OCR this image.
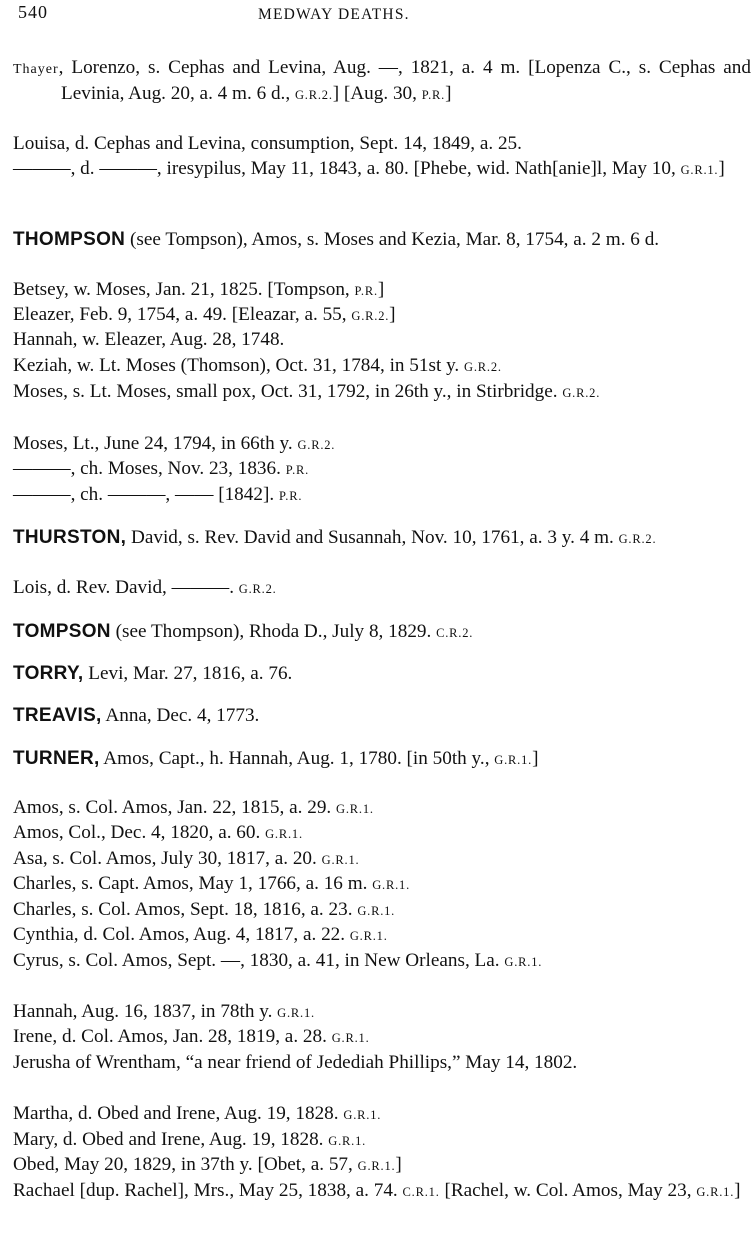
540	MEDWAY DEATHS.
Thayer, Lorenzo, s. Cephas and Levina, Aug. —, 1821, a. 4 m. [Lopenza C., s. Cephas and Levinia, Aug. 20, a. 4 m. 6 d., G.R.2.] [Aug. 30, P.R.]
Louisa, d. Cephas and Levina, consumption, Sept. 14, 1849, a. 25.
———, d. ———, iresypilus, May 11, 1843, a. 80. [Phebe, wid. Nath[anie]l, May 10, G.R.1.]
THOMPSON (see Tompson), Amos, s. Moses and Kezia, Mar. 8, 1754, a. 2 m. 6 d.
Betsey, w. Moses, Jan. 21, 1825. [Tompson, P.R.]
Eleazer, Feb. 9, 1754, a. 49. [Eleazar, a. 55, G.R.2.]
Hannah, w. Eleazer, Aug. 28, 1748.
Keziah, w. Lt. Moses (Thomson), Oct. 31, 1784, in 51st y. G.R.2.
Moses, s. Lt. Moses, small pox, Oct. 31, 1792, in 26th y., in Stirbridge. G.R.2.
Moses, Lt., June 24, 1794, in 66th y. G.R.2.
———, ch. Moses, Nov. 23, 1836. P.R.
———, ch. ———, —— [1842]. P.R.
THURSTON, David, s. Rev. David and Susannah, Nov. 10, 1761, a. 3 y. 4 m. G.R.2.
Lois, d. Rev. David, ———. G.R.2.
TOMPSON (see Thompson), Rhoda D., July 8, 1829. C.R.2.
TORRY, Levi, Mar. 27, 1816, a. 76.
TREAVIS, Anna, Dec. 4, 1773.
TURNER, Amos, Capt., h. Hannah, Aug. 1, 1780. [in 50th y., G.R.1.]
Amos, s. Col. Amos, Jan. 22, 1815, a. 29. G.R.1.
Amos, Col., Dec. 4, 1820, a. 60. G.R.1.
Asa, s. Col. Amos, July 30, 1817, a. 20. G.R.1.
Charles, s. Capt. Amos, May 1, 1766, a. 16 m. G.R.1.
Charles, s. Col. Amos, Sept. 18, 1816, a. 23. G.R.1.
Cynthia, d. Col. Amos, Aug. 4, 1817, a. 22. G.R.1.
Cyrus, s. Col. Amos, Sept. —, 1830, a. 41, in New Orleans, La. G.R.1.
Hannah, Aug. 16, 1837, in 78th y. G.R.1.
Irene, d. Col. Amos, Jan. 28, 1819, a. 28. G.R.1.
Jerusha of Wrentham, “a near friend of Jedediah Phillips,” May 14, 1802.
Martha, d. Obed and Irene, Aug. 19, 1828. G.R.1.
Mary, d. Obed and Irene, Aug. 19, 1828. G.R.1.
Obed, May 20, 1829, in 37th y. [Obet, a. 57, G.R.1.]
Rachael [dup. Rachel], Mrs., May 25, 1838, a. 74. C.R.1. [Rachel, w. Col. Amos, May 23, G.R.1.]
